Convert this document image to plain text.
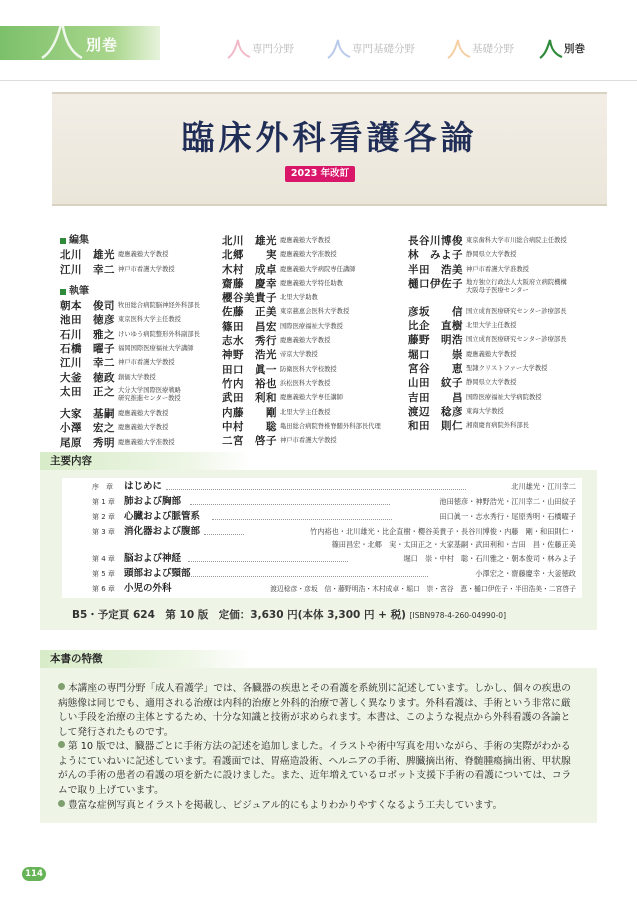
別巻	専門分野	専門基礎分野	基礎分野	別巻
臨床外科看護各論
2023 年改訂
編集
北川　雄光 慶應義塾大学教授
江川　幸二 神戸市看護大学教授
執筆
朝本　俊司 牧田総合病院脳神経外科部長
池田　徳彦 東京医科大学主任教授
石川　雅之 けいゆう病院整形外科副部長
石橋　曜子 福岡国際医療福祉大学講師
江川　幸二 神戸市看護大学教授
大釜　徳政 創価大学教授
太田　正之 大分大学国際医療戦略
研究推進センター教授
大家　基嗣 慶應義塾大学教授
小澤　宏之 慶應義塾大学教授
尾原　秀明 慶應義塾大学准教授
北川　雄光 慶應義塾大学教授
北郷　　実 慶應義塾大学准教授
木村　成卓 慶應義塾大学病院専任講師
齋藤　慶幸 慶應義塾大学特任助教
櫻谷美貴子 北里大学助教
佐藤　正美 東京慈恵会医科大学教授
篠田　昌宏 国際医療福祉大学教授
志水　秀行 慶應義塾大学教授
神野　浩光 帝京大学教授
田口　眞一 防衛医科大学校教授
竹内　裕也 浜松医科大学教授
武田　利和 慶應義塾大学専任講師
内藤　　剛 北里大学主任教授
中村　　聡 亀田総合病院脊椎脊髄外科部長代理
二宮　啓子 神戸市看護大学教授
長谷川博俊 東京歯科大学市川総合病院主任教授
林　みよ子 静岡県立大学教授
半田　浩美 神戸市看護大学准教授
樋口伊佐子 地方独立行政法人大阪府立病院機構
大阪母子医療センター
彦坂　　信 国立成育医療研究センター診療部長
比企　直樹 北里大学主任教授
藤野　明浩 国立成育医療研究センター診療部長
堀口　　崇 慶應義塾大学教授
宮谷　　恵 聖隷クリストファー大学教授
山田　紋子 静岡県立大学教授
吉田　　昌 国際医療福祉大学病院教授
渡辺　稔彦 東海大学教授
和田　則仁 湘南慶育病院外科部長
主要内容
序　章 はじめに	北川雄光・江川幸二
第 1 章 肺および胸部	池田徳彦・神野浩光・江川幸二・山田紋子
第 2 章 心臓および脈管系	田口眞一・志水秀行・尾原秀明・石橋曜子
第 3 章 消化器および腹部	竹内裕也・北川雄光・比企直樹・櫻谷美貴子・長谷川博俊・内藤　剛・和田則仁・
篠田昌宏・北郷　実・太田正之・大家基嗣・武田利和・吉田　昌・佐藤正美
第 4 章 脳および神経	堀口　崇・中村　聡・石川雅之・朝本俊司・林みよ子
第 5 章 頭部および頸部	小澤宏之・齋藤慶幸・大釜徳政
第 6 章 小児の外科	渡辺稔彦・彦坂　信・藤野明浩・木村成卓・堀口　崇・宮谷　恵・樋口伊佐子・半田浩美・二宮啓子
B5・予定頁 624　第 10 版　定価：3,630 円(本体 3,300 円 + 税) [ISBN978-4-260-04990-0]
本書の特徴
本講座の専門分野「成人看護学」では、各臓器の疾患とその看護を系統別に記述しています。しかし、個々の疾患の病態像は同じでも、適用される治療は内科的治療と外科的治療で著しく異なります。外科看護は、手術という非常に厳しい手段を治療の主体とするため、十分な知識と技術が求められます。本書は、このような視点から外科看護の各論として発行されたものです。
第 10 版では、臓器ごとに手術方法の記述を追加しました。イラストや術中写真を用いながら、手術の実際がわかるようにていねいに記述しています。看護面では、胃癌造設術、ヘルニアの手術、脾臓摘出術、脊髄腫瘍摘出術、甲状腺がんの手術の患者の看護の項を新たに設けました。また、近年増えているロボット支援下手術の看護については、コラムで取り上げています。
豊富な症例写真とイラストを掲載し、ビジュアル的にもよりわかりやすくなるよう工夫しています。
114
